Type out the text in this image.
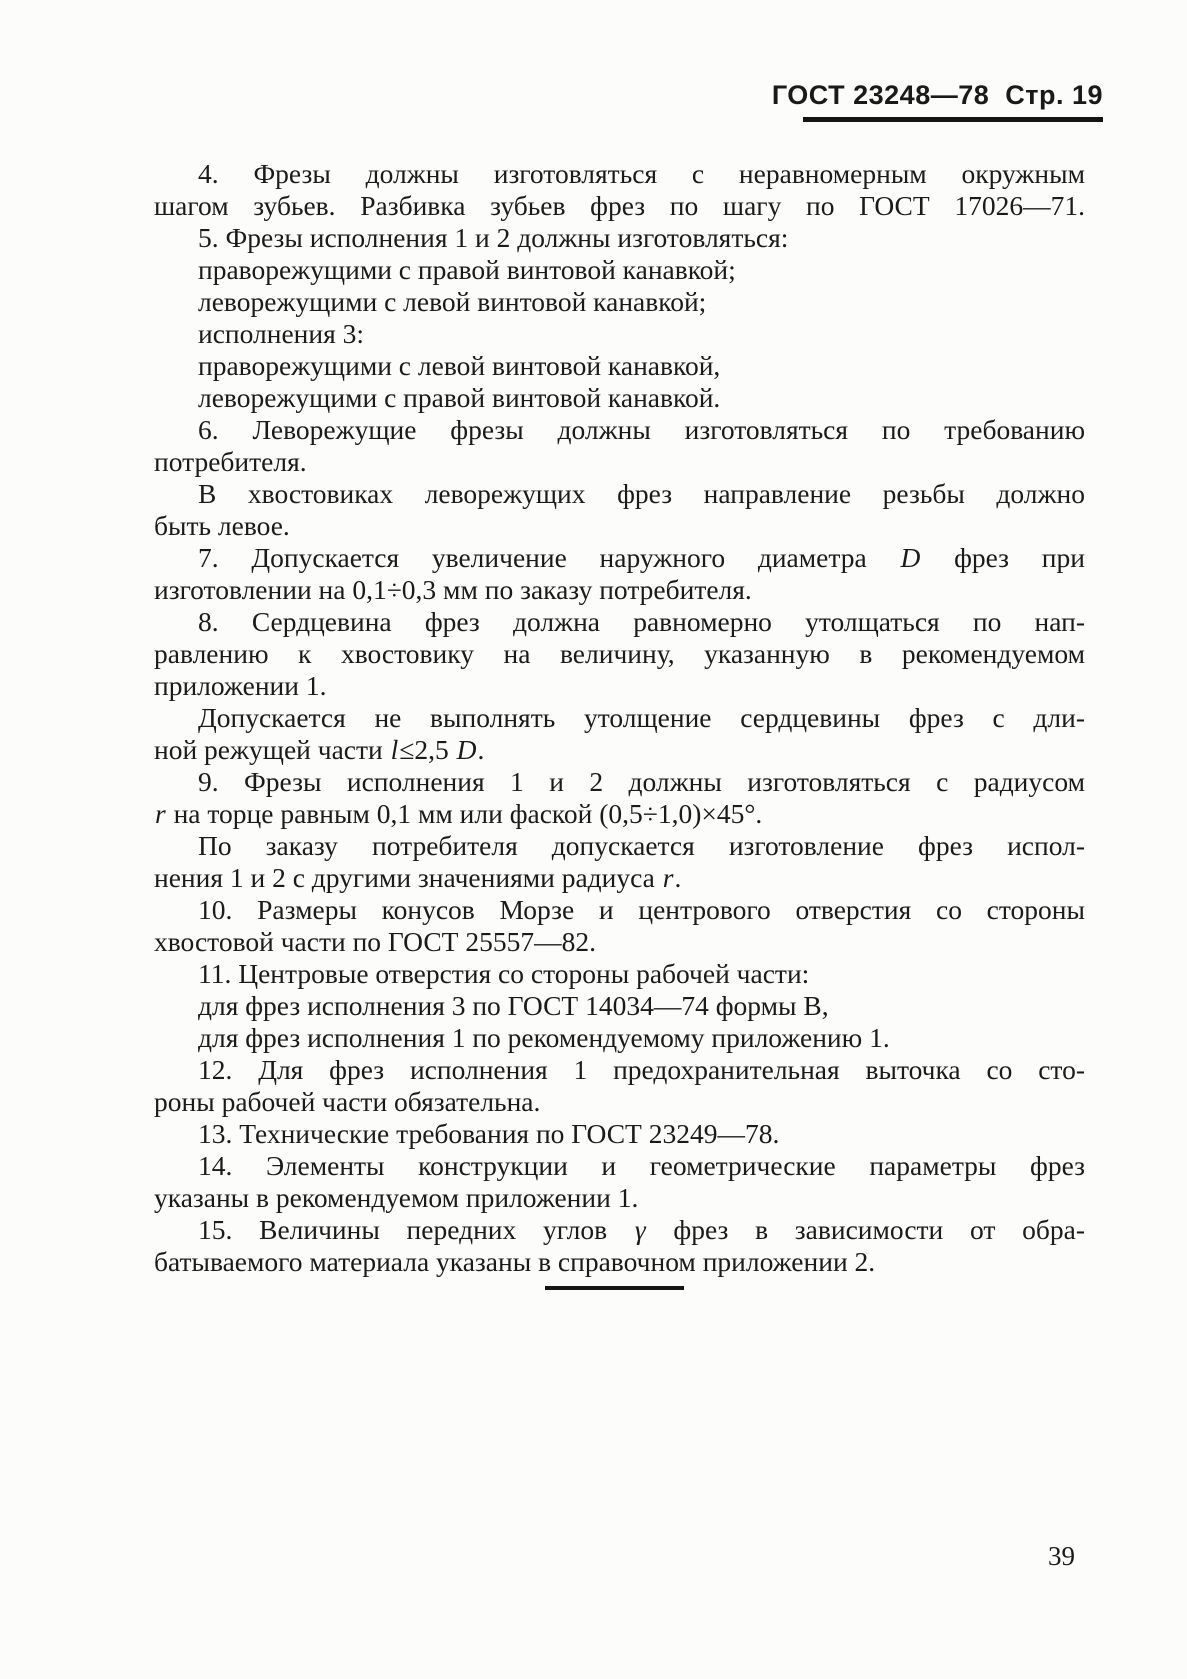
ГОСТ 23248—78 Стр. 19
4. Фрезы должны изготовляться с неравномерным окружным
шагом зубьев. Разбивка зубьев фрез по шагу по ГОСТ 17026—71.
5. Фрезы исполнения 1 и 2 должны изготовляться:
праворежущими с правой винтовой канавкой;
леворежущими с левой винтовой канавкой;
исполнения 3:
праворежущими с левой винтовой канавкой,
леворежущими с правой винтовой канавкой.
6. Леворежущие фрезы должны изготовляться по требованию
потребителя.
В хвостовиках леворежущих фрез направление резьбы должно
быть левое.
7. Допускается увеличение наружного диаметра D фрез при
изготовлении на 0,1÷0,3 мм по заказу потребителя.
8. Сердцевина фрез должна равномерно утолщаться по нап-
равлению к хвостовику на величину, указанную в рекомендуемом
приложении 1.
Допускается не выполнять утолщение сердцевины фрез с дли-
ной режущей части l≤2,5 D.
9. Фрезы исполнения 1 и 2 должны изготовляться с радиусом
r на торце равным 0,1 мм или фаской (0,5÷1,0)×45°.
По заказу потребителя допускается изготовление фрез испол-
нения 1 и 2 с другими значениями радиуса r.
10. Размеры конусов Морзе и центрового отверстия со стороны
хвостовой части по ГОСТ 25557—82.
11. Центровые отверстия со стороны рабочей части:
для фрез исполнения 3 по ГОСТ 14034—74 формы В,
для фрез исполнения 1 по рекомендуемому приложению 1.
12. Для фрез исполнения 1 предохранительная выточка со сто-
роны рабочей части обязательна.
13. Технические требования по ГОСТ 23249—78.
14. Элементы конструкции и геометрические параметры фрез
указаны в рекомендуемом приложении 1.
15. Величины передних углов γ фрез в зависимости от обра-
батываемого материала указаны в справочном приложении 2.
39
